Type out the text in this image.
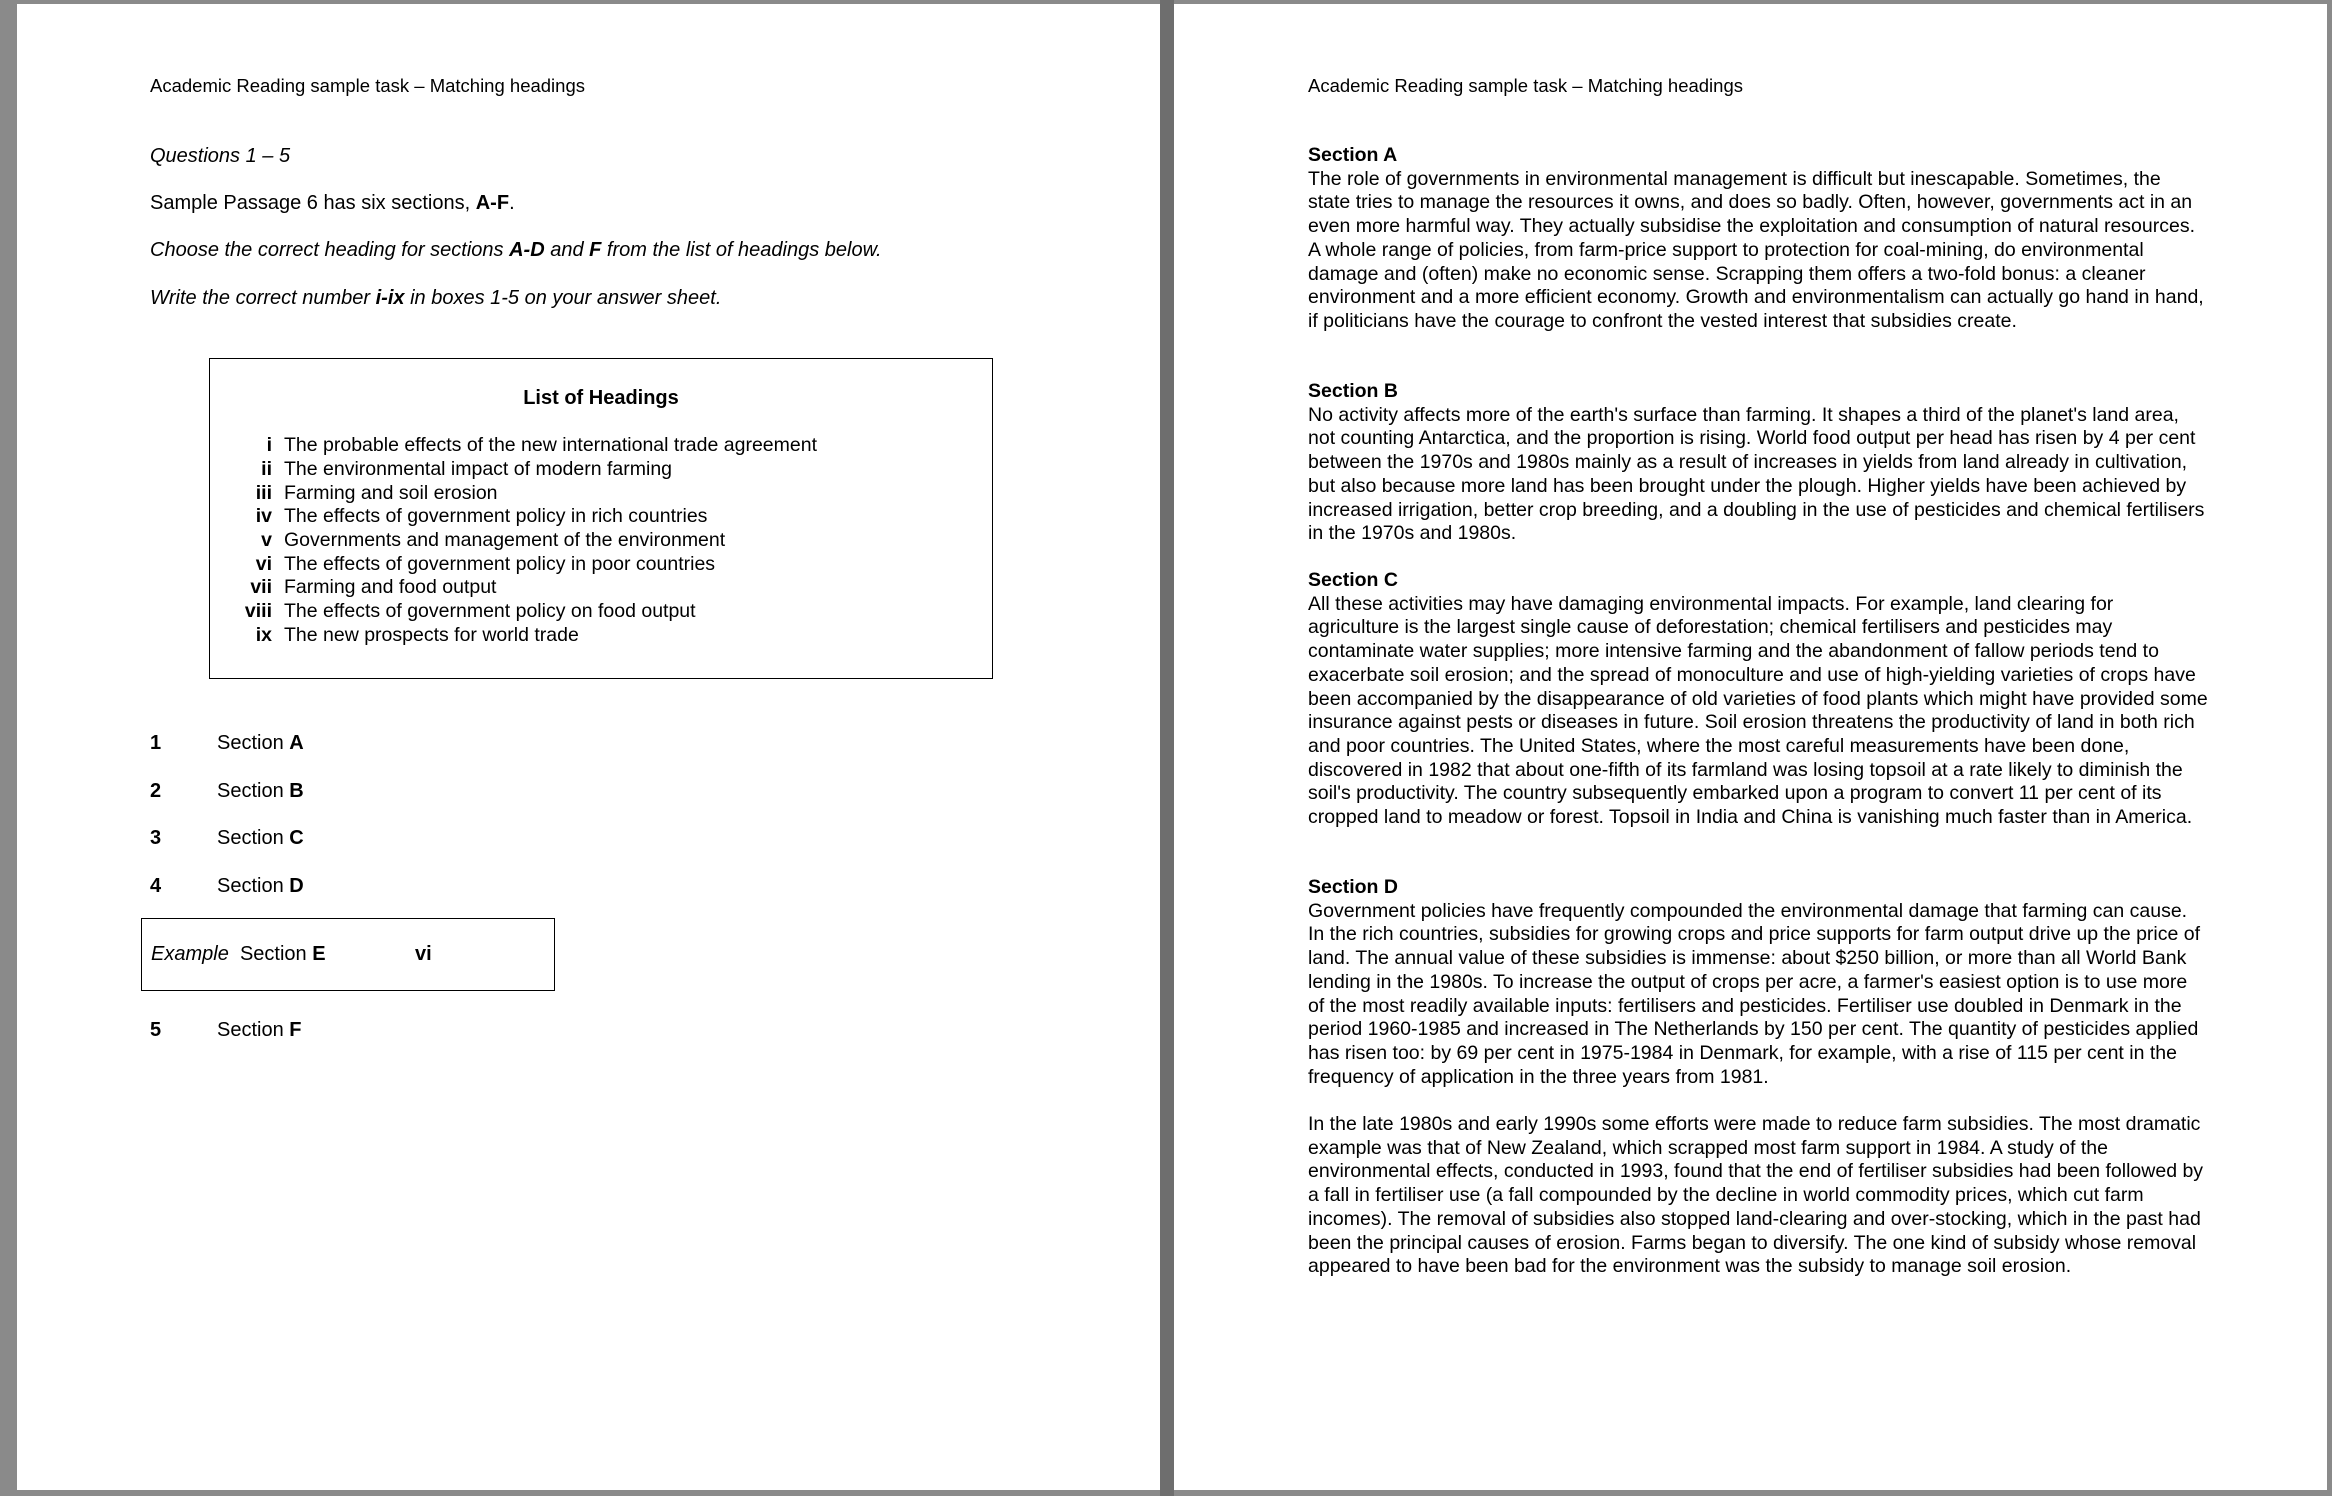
Academic Reading sample task – Matching headings

Questions 1 – 5

Sample Passage 6 has six sections, A-F.

Choose the correct heading for sections A-D and F from the list of headings below.

Write the correct number i-ix in boxes 1-5 on your answer sheet.

List of Headings
i The probable effects of the new international trade agreement
ii The environmental impact of modern farming
iii Farming and soil erosion
iv The effects of government policy in rich countries
v Governments and management of the environment
vi The effects of government policy in poor countries
vii Farming and food output
viii The effects of government policy on food output
ix The new prospects for world trade
1	Section A
2	Section B
3	Section C
4	Section D
Example Section E	vi
5	Section F
Academic Reading sample task – Matching headings
Section A

The role of governments in environmental management is difficult but inescapable. Sometimes, the state tries to manage the resources it owns, and does so badly. Often, however, governments act in an even more harmful way. They actually subsidise the exploitation and consumption of natural resources. A whole range of policies, from farm-price support to protection for coal-mining, do environmental damage and (often) make no economic sense. Scrapping them offers a two-fold bonus: a cleaner environment and a more efficient economy. Growth and environmentalism can actually go hand in hand, if politicians have the courage to confront the vested interest that subsidies create.

Section B

No activity affects more of the earth's surface than farming. It shapes a third of the planet's land area, not counting Antarctica, and the proportion is rising. World food output per head has risen by 4 per cent between the 1970s and 1980s mainly as a result of increases in yields from land already in cultivation, but also because more land has been brought under the plough. Higher yields have been achieved by increased irrigation, better crop breeding, and a doubling in the use of pesticides and chemical fertilisers in the 1970s and 1980s.

Section C

All these activities may have damaging environmental impacts. For example, land clearing for agriculture is the largest single cause of deforestation; chemical fertilisers and pesticides may contaminate water supplies; more intensive farming and the abandonment of fallow periods tend to exacerbate soil erosion; and the spread of monoculture and use of high-yielding varieties of crops have been accompanied by the disappearance of old varieties of food plants which might have provided some insurance against pests or diseases in future. Soil erosion threatens the productivity of land in both rich and poor countries. The United States, where the most careful measurements have been done, discovered in 1982 that about one-fifth of its farmland was losing topsoil at a rate likely to diminish the soil's productivity. The country subsequently embarked upon a program to convert 11 per cent of its cropped land to meadow or forest. Topsoil in India and China is vanishing much faster than in America.

Section D

Government policies have frequently compounded the environmental damage that farming can cause. In the rich countries, subsidies for growing crops and price supports for farm output drive up the price of land. The annual value of these subsidies is immense: about $250 billion, or more than all World Bank lending in the 1980s. To increase the output of crops per acre, a farmer's easiest option is to use more of the most readily available inputs: fertilisers and pesticides. Fertiliser use doubled in Denmark in the period 1960-1985 and increased in The Netherlands by 150 per cent. The quantity of pesticides applied has risen too: by 69 per cent in 1975-1984 in Denmark, for example, with a rise of 115 per cent in the frequency of application in the three years from 1981.

In the late 1980s and early 1990s some efforts were made to reduce farm subsidies. The most dramatic example was that of New Zealand, which scrapped most farm support in 1984. A study of the environmental effects, conducted in 1993, found that the end of fertiliser subsidies had been followed by a fall in fertiliser use (a fall compounded by the decline in world commodity prices, which cut farm incomes). The removal of subsidies also stopped land-clearing and over-stocking, which in the past had been the principal causes of erosion. Farms began to diversify. The one kind of subsidy whose removal appeared to have been bad for the environment was the subsidy to manage soil erosion.
